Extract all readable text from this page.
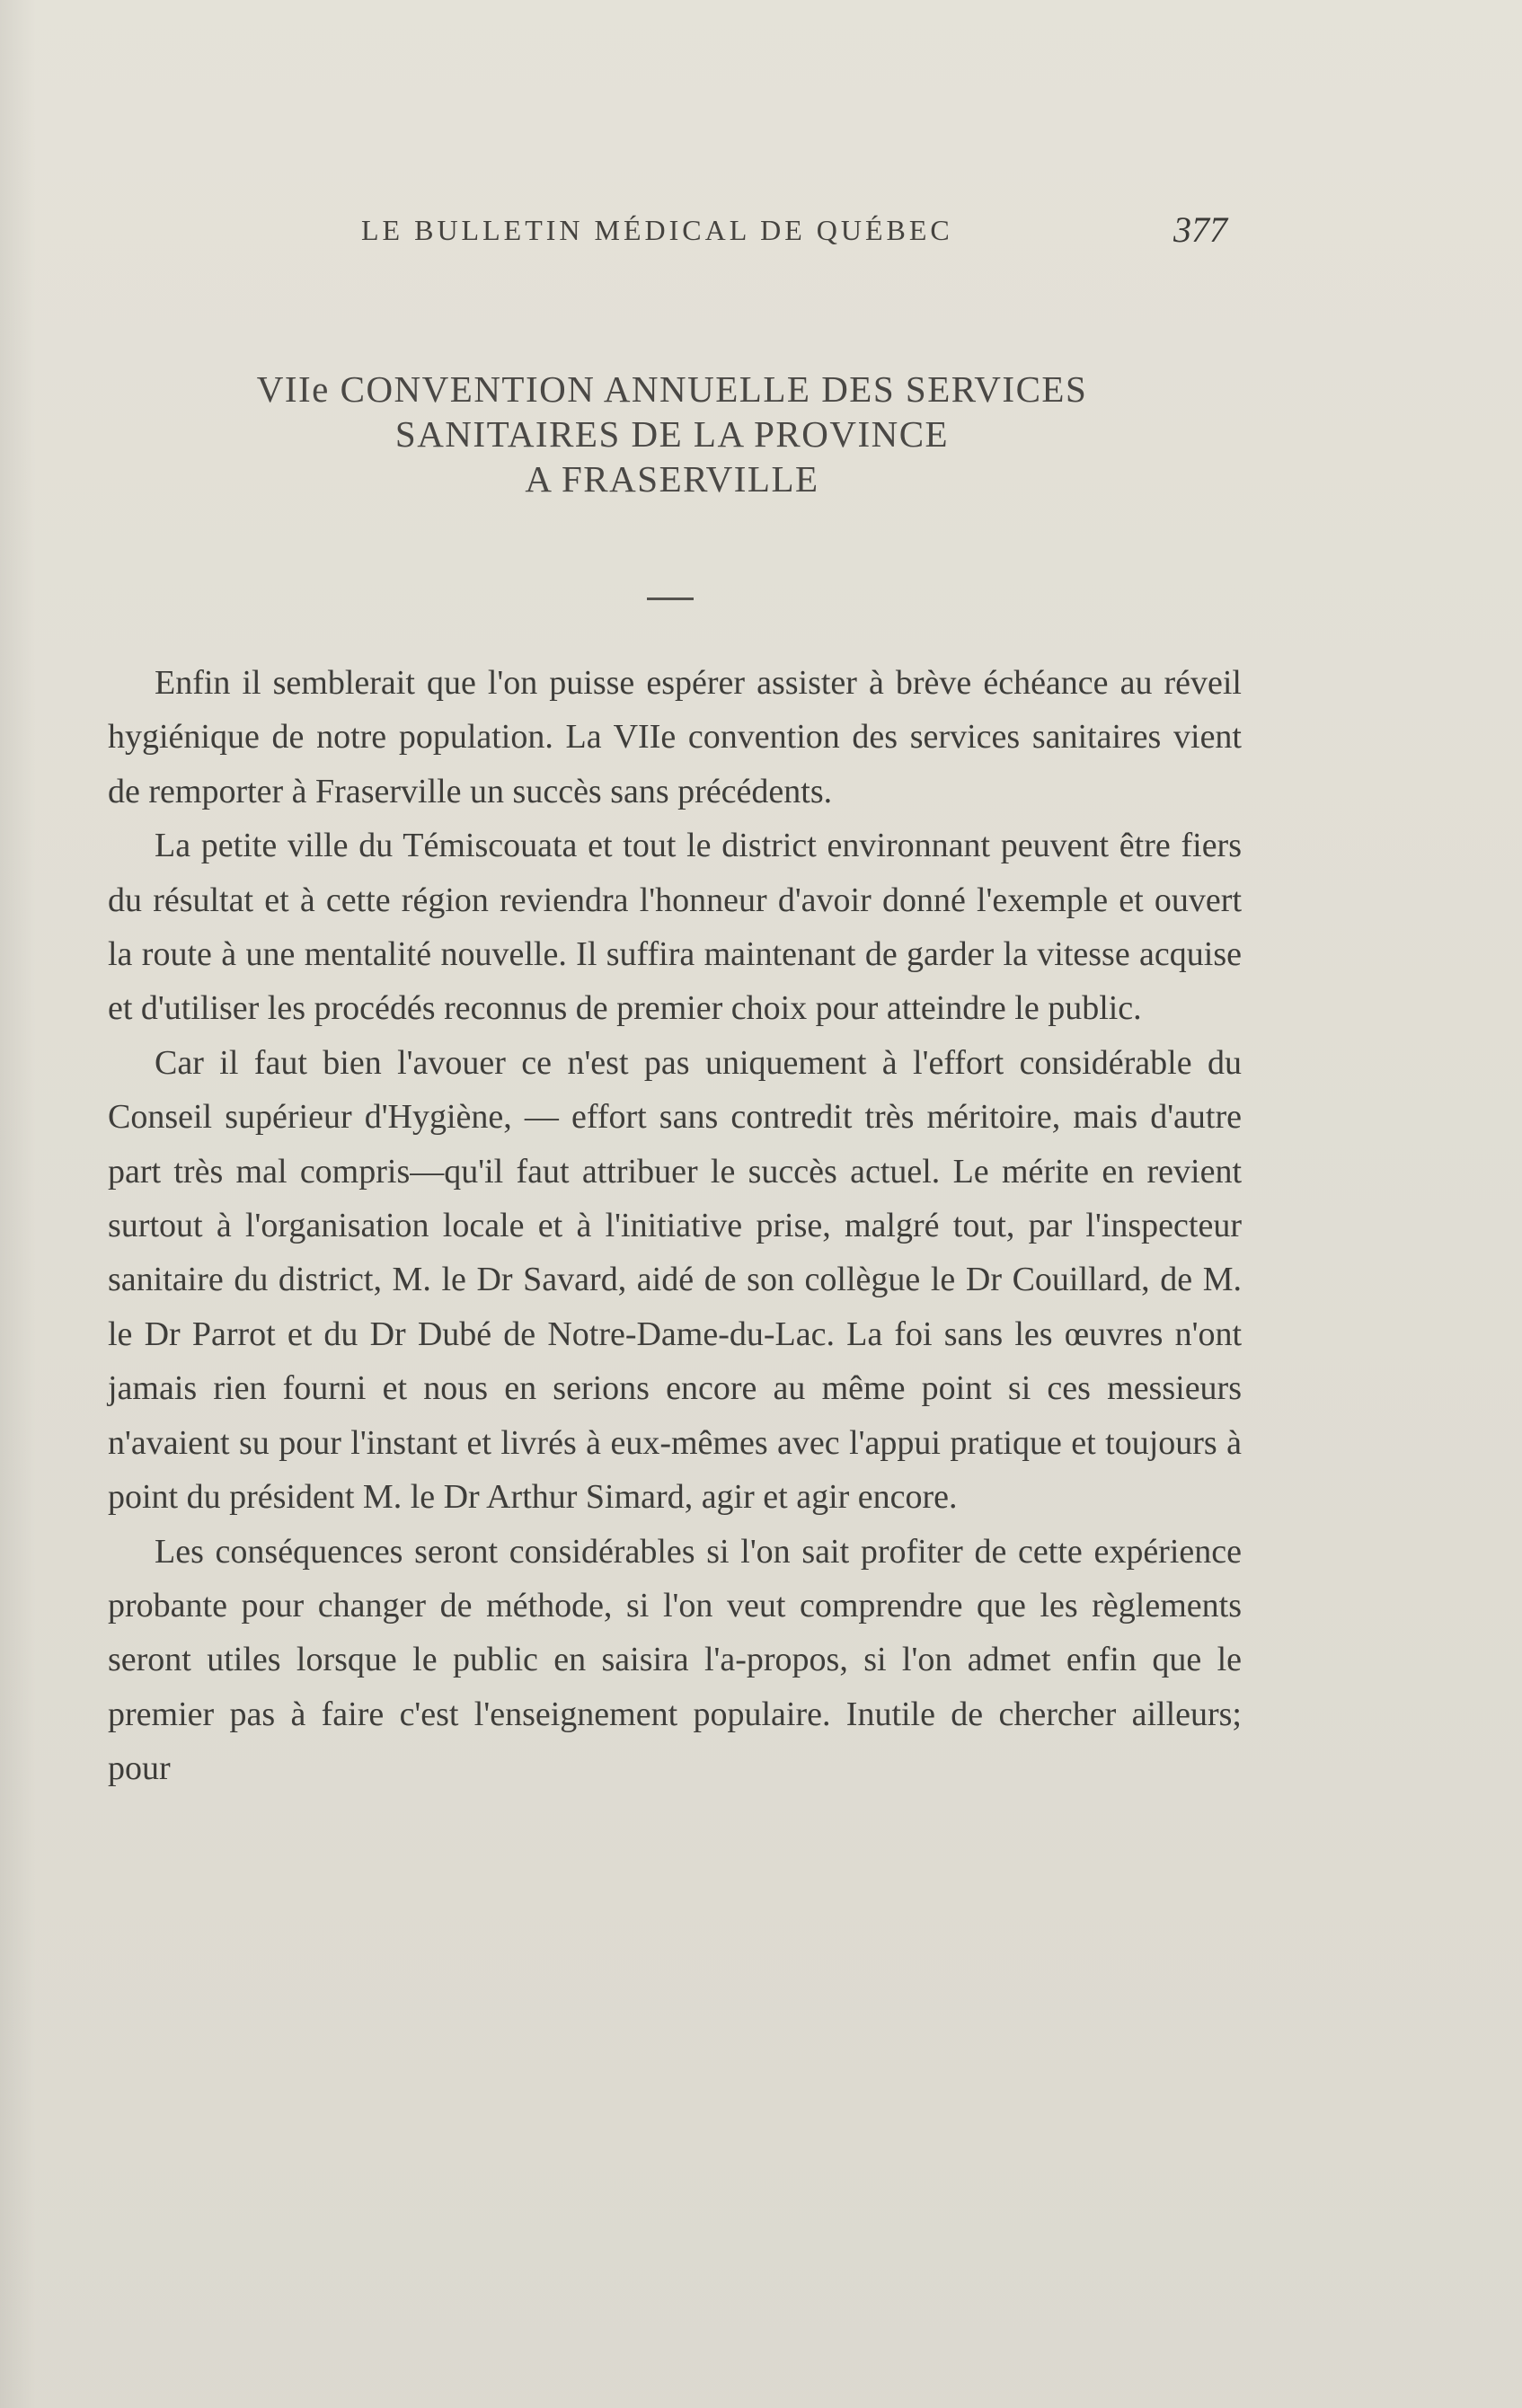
LE BULLETIN MÉDICAL DE QUÉBEC	377
VIIe CONVENTION ANNUELLE DES SERVICES
SANITAIRES DE LA PROVINCE
A FRASERVILLE

Enfin il semblerait que l'on puisse espérer assister à brève échéance au réveil hygiénique de notre population. La VIIe convention des services sanitaires vient de remporter à Fraserville un succès sans précédents.

La petite ville du Témiscouata et tout le district environnant peuvent être fiers du résultat et à cette région reviendra l'honneur d'avoir donné l'exemple et ouvert la route à une mentalité nouvelle. Il suffira maintenant de garder la vitesse acquise et d'utiliser les procédés reconnus de premier choix pour atteindre le public.

Car il faut bien l'avouer ce n'est pas uniquement à l'effort considérable du Conseil supérieur d'Hygiène, — effort sans contredit très méritoire, mais d'autre part très mal compris—qu'il faut attribuer le succès actuel. Le mérite en revient surtout à l'organisation locale et à l'initiative prise, malgré tout, par l'inspecteur sanitaire du district, M. le Dr Savard, aidé de son collègue le Dr Couillard, de M. le Dr Parrot et du Dr Dubé de Notre-Dame-du-Lac. La foi sans les œuvres n'ont jamais rien fourni et nous en serions encore au même point si ces messieurs n'avaient su pour l'instant et livrés à eux-mêmes avec l'appui pratique et toujours à point du président M. le Dr Arthur Simard, agir et agir encore.

Les conséquences seront considérables si l'on sait profiter de cette expérience probante pour changer de méthode, si l'on veut comprendre que les règlements seront utiles lorsque le public en saisira l'a-propos, si l'on admet enfin que le premier pas à faire c'est l'enseignement populaire. Inutile de chercher ailleurs; pour
